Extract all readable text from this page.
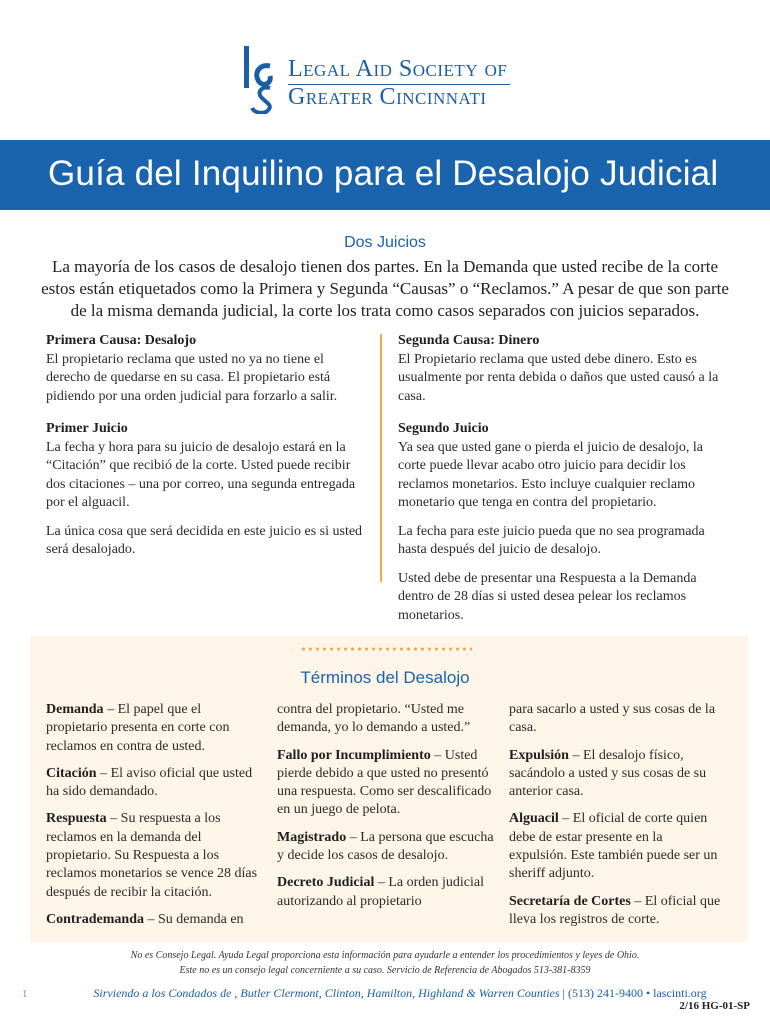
Legal Aid Society of
Greater Cincinnati
Guía del Inquilino para el Desalojo Judicial
Dos Juicios
La mayoría de los casos de desalojo tienen dos partes. En la Demanda que usted recibe de la corte estos están etiquetados como la Primera y Segunda “Causas” o “Reclamos.” A pesar de que son parte de la misma demanda judicial, la corte los trata como casos separados con juicios separados.
Primera Causa: Desalojo
El propietario reclama que usted no ya no tiene el derecho de quedarse en su casa. El propietario está pidiendo por una orden judicial para forzarlo a salir.
Primer Juicio
La fecha y hora para su juicio de desalojo estará en la “Citación” que recibió de la corte. Usted puede recibir dos citaciones – una por correo, una segunda entregada por el alguacil.

La única cosa que será decidida en este juicio es si usted será desalojado.

Segunda Causa: Dinero
El Propietario reclama que usted debe dinero. Esto es usualmente por renta debida o daños que usted causó a la casa.
Segundo Juicio
Ya sea que usted gane o pierda el juicio de desalojo, la corte puede llevar acabo otro juicio para decidir los reclamos monetarios. Esto incluye cualquier reclamo monetario que tenga en contra del propietario.

La fecha para este juicio pueda que no sea programada hasta después del juicio de desalojo.

Usted debe de presentar una Respuesta a la Demanda dentro de 28 días si usted desea pelear los reclamos monetarios.

Términos del Desalojo

Demanda – El papel que el propietario presenta en corte con reclamos en contra de usted.

Citación – El aviso oficial que usted ha sido demandado.

Respuesta – Su respuesta a los reclamos en la demanda del propietario. Su Respuesta a los reclamos monetarios se vence 28 días después de recibir la citación.

Contrademanda – Su demanda en

contra del propietario. “Usted me demanda, yo lo demando a usted.”

Fallo por Incumplimiento – Usted pierde debido a que usted no presentó una respuesta. Como ser descalificado en un juego de pelota.

Magistrado – La persona que escucha y decide los casos de desalojo.

Decreto Judicial – La orden judicial autorizando al propietario

para sacarlo a usted y sus cosas de la casa.

Expulsión – El desalojo físico, sacándolo a usted y sus cosas de su anterior casa.

Alguacil – El oficial de corte quien debe de estar presente en la expulsión. Este también puede ser un sheriff adjunto.

Secretaría de Cortes – El oficial que lleva los registros de corte.

No es Consejo Legal. Ayuda Legal proporciona esta información para ayudarle a entender los procedimientos y leyes de Ohio.
Este no es un consejo legal concerniente a su caso. Servicio de Referencia de Abogados 513-381-8359
1	Sirviendo a los Condados de , Butler Clermont, Clinton, Hamilton, Highland & Warren Counties | (513) 241-9400 • lascinti.org
2/16 HG-01-SP
